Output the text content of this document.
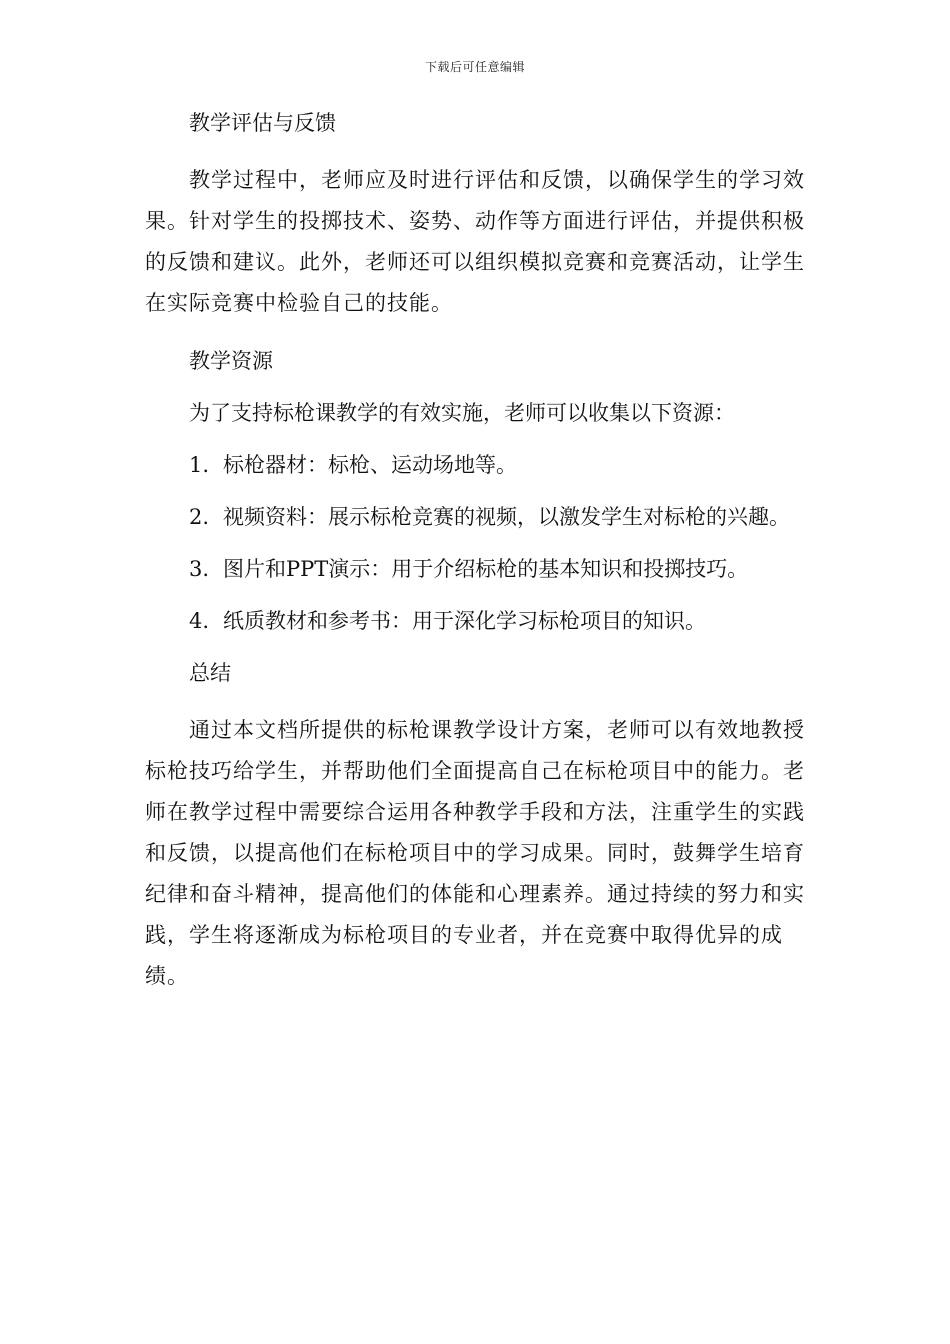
下载后可任意编辑
教学评估与反馈
教学过程中，老师应及时进行评估和反馈，以确保学生的学习效果。针对学生的投掷技术、姿势、动作等方面进行评估，并提供积极的反馈和建议。此外，老师还可以组织模拟竞赛和竞赛活动，让学生在实际竞赛中检验自己的技能。
教学资源
为了支持标枪课教学的有效实施，老师可以收集以下资源：
1. 标枪器材：标枪、运动场地等。
2. 视频资料：展示标枪竞赛的视频，以激发学生对标枪的兴趣。
3. 图片和PPT演示：用于介绍标枪的基本知识和投掷技巧。
4. 纸质教材和参考书：用于深化学习标枪项目的知识。
总结
通过本文档所提供的标枪课教学设计方案，老师可以有效地教授标枪技巧给学生，并帮助他们全面提高自己在标枪项目中的能力。老师在教学过程中需要综合运用各种教学手段和方法，注重学生的实践和反馈，以提高他们在标枪项目中的学习成果。同时，鼓舞学生培育纪律和奋斗精神，提高他们的体能和心理素养。通过持续的努力和实践，学生将逐渐成为标枪项目的专业者，并在竞赛中取得优异的成绩。
